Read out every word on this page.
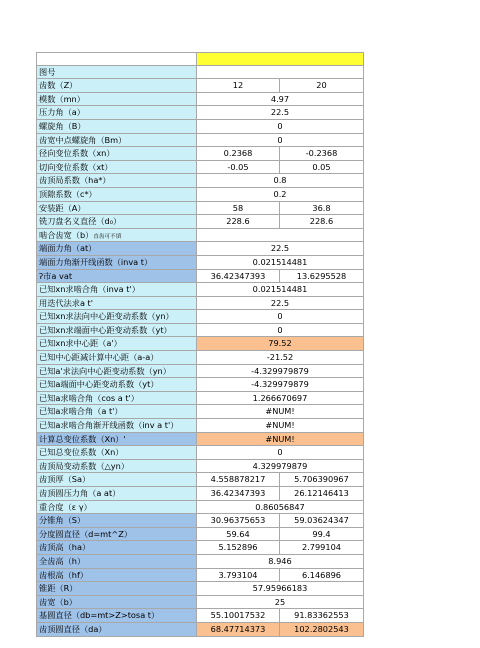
图号
齿数（Z）	12	20
模数（mn）	4.97
压力角（a）	22.5
螺旋角（B）	0
齿宽中点螺旋角（Bm）	0
径向变位系数（xn）	0.2368	-0.2368
切向变位系数（xt）	-0.05	0.05
齿顶局系数（ha*）	0.8
顶隙系数（c*）	0.2
安装距（A）	58	36.8
铣刀盘名义直径（d₀）	228.6	228.6
啮合齿宽（b）直齿可不填
端面力角（at）	22.5
端面力角渐开线函数（inva t）	0.021514481
ʔ巿a vat	36.42347393	13.6295528
已知xn求啮合角（inva t'）	0.021514481
用迭代法求a t'	22.5
已知xn求法向中心距变动系数（yn）	0
已知xn求端面中心距变动系数（yt）	0
已知xn求中心距（a'）	79.52
已知中心距减计算中心距（a-a）	-21.52
已知a'求法向中心距变动系数（yn）	-4.329979879
已知a端面中心距变动系数（yt）	-4.329979879
已知a求啮合角（cos a t'）	1.266670697
已知a求啮合角（a t'）	#NUM!
已知a求啮合角渐开线函数（inv a t'）	#NUM!
计算总变位系数（Xn）'	#NUM!
已知总变位系数（Xn）	0
齿顶局变动系数（△yn）	4.329979879
齿顶厚（Sa）	4.558878217	5.706390967
齿顶圆压力角（a at）	36.42347393	26.12146413
重合度（ε γ）	0.86056847
分锥角（S）	30.96375653	59.03624347
分度圆直径（d=mt^Z）	59.64	99.4
齿顶高（ha）	5.152896	2.799104
全齿高（h）	8.946
齿根高（hf）	3.793104	6.146896
锥距（R）	57.95966183
齿宽（b）	25
基圆直径（db=mt>Z>tosa t）	55.10017532	91.83362553
齿顶圆直径（da）	68.47714373	102.2802543
